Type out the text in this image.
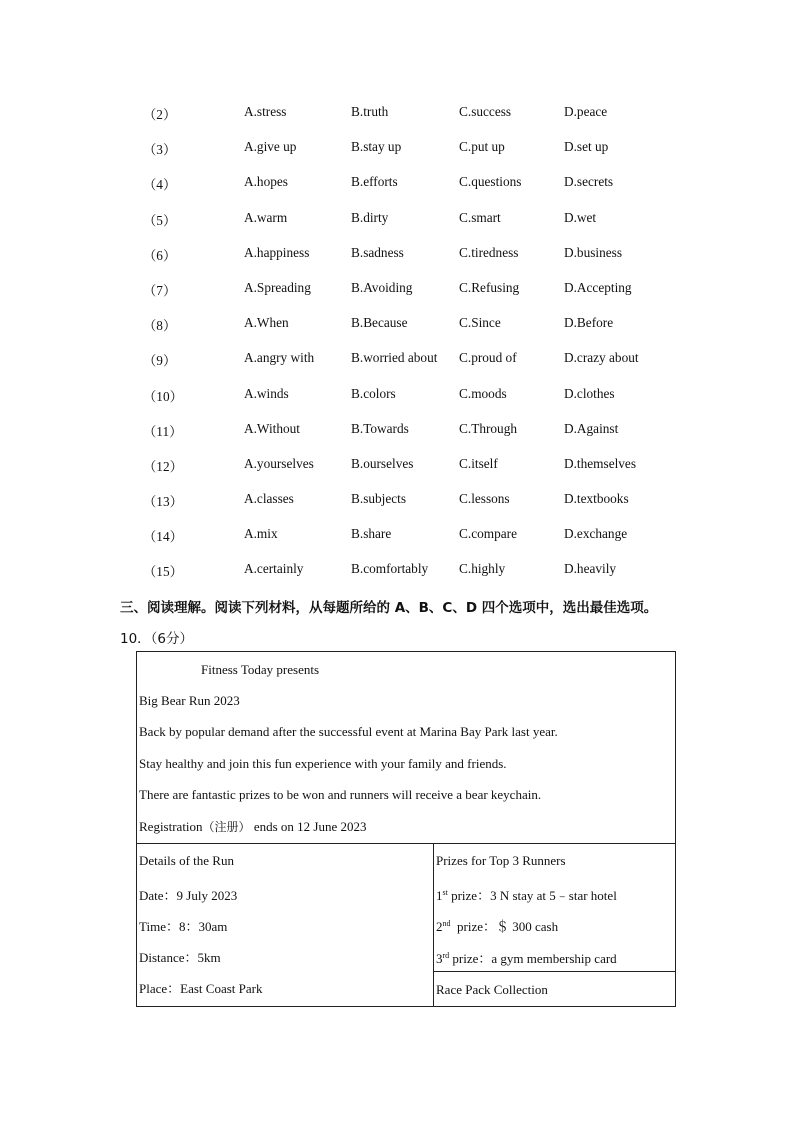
（2）	A.stress	B.truth	C.success	D.peace
（3）	A.give up	B.stay up	C.put up	D.set up
（4）	A.hopes	B.efforts	C.questions	D.secrets
（5）	A.warm	B.dirty	C.smart	D.wet
（6）	A.happiness	B.sadness	C.tiredness	D.business
（7）	A.Spreading	B.Avoiding	C.Refusing	D.Accepting
（8）	A.When	B.Because	C.Since	D.Before
（9）	A.angry with	B.worried about C.proud of	D.crazy about
（10）	A.winds	B.colors	C.moods	D.clothes
（11）	A.Without	B.Towards	C.Through	D.Against
（12）	A.yourselves	B.ourselves	C.itself	D.themselves
（13）	A.classes	B.subjects	C.lessons	D.textbooks
（14）	A.mix	B.share	C.compare	D.exchange
（15）	A.certainly	B.comfortably C.highly	D.heavily
三、阅读理解。阅读下列材料，从每题所给的 A、B、C、D 四个选项中，选出最佳选项。
10．（6分）
Fitness Today presents
Big Bear Run 2023
Back by popular demand after the successful event at Marina Bay Park last year.
Stay healthy and join this fun experience with your family and friends.
There are fantastic prizes to be won and runners will receive a bear keychain.
Registration（注册） ends on 12 June 2023
Details of the Run
Date：9 July 2023
Time：8：30am
Distance：5km
Place：East Coast Park
Prizes for Top 3 Runners
1st prize：3 N stay at 5﹣star hotel
2nd  prize：＄ 300 cash
3rd prize：a gym membership card
Race Pack Collection
